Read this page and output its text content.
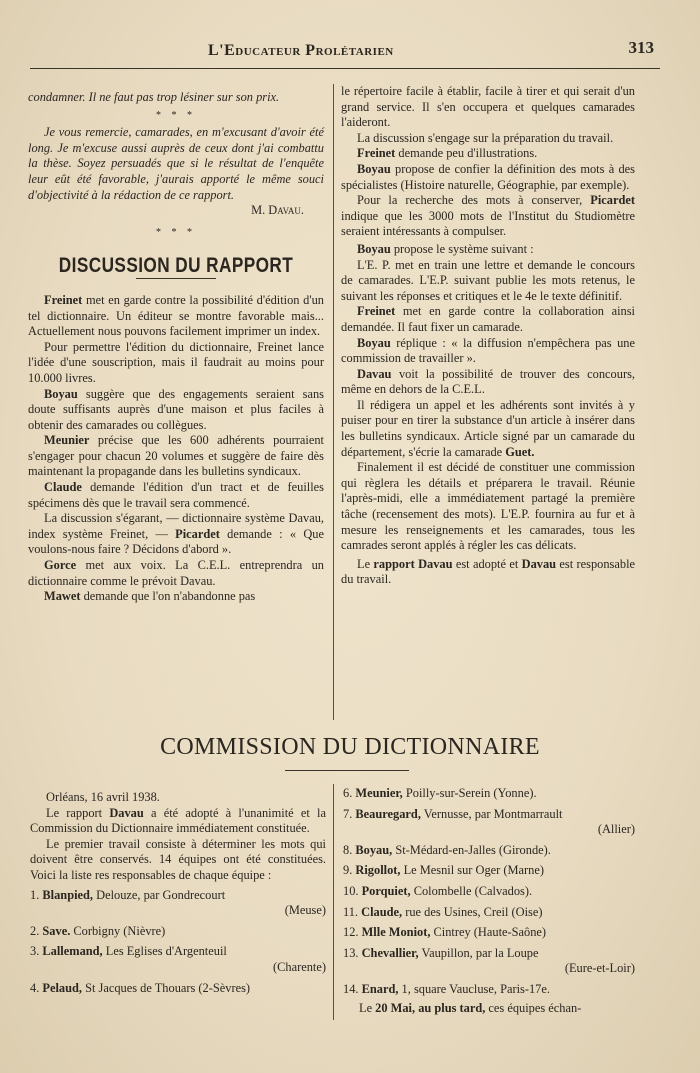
L'Educateur Prolétarien	313

condamner. Il ne faut pas trop lésiner sur son prix.

* * *

Je vous remercie, camarades, en m'excusant d'avoir été long. Je m'excuse aussi auprès de ceux dont j'ai combattu la thèse. Soyez persuadés que si le résultat de l'enquête leur eût été favorable, j'aurais apporté le même souci d'objectivité à la rédaction de ce rapport.

M. Davau.
* * *
DISCUSSION DU RAPPORT

Freinet met en garde contre la possibilité d'édition d'un tel dictionnaire. Un éditeur se montre favorable mais... Actuellement nous pouvons facilement imprimer un index.

Pour permettre l'édition du dictionnaire, Freinet lance l'idée d'une souscription, mais il faudrait au moins pour 10.000 livres.

Boyau suggère que des engagements seraient sans doute suffisants auprès d'une maison et plus faciles à obtenir des camarades ou collègues.

Meunier précise que les 600 adhérents pourraient s'engager pour chacun 20 volumes et suggère de faire dès maintenant la propagande dans les bulletins syndicaux.

Claude demande l'édition d'un tract et de feuilles spécimens dès que le travail sera commencé.

La discussion s'égarant, — dictionnaire système Davau, index système Freinet, — Picardet demande : « Que voulons-nous faire ? Décidons d'abord ».

Gorce met aux voix. La C.E.L. entreprendra un dictionnaire comme le prévoit Davau.

Mawet demande que l'on n'abandonne pas

le répertoire facile à établir, facile à tirer et qui serait d'un grand service. Il s'en occupera et quelques camarades l'aideront.

La discussion s'engage sur la préparation du travail.

Freinet demande peu d'illustrations.

Boyau propose de confier la définition des mots à des spécialistes (Histoire naturelle, Géographie, par exemple).

Pour la recherche des mots à conserver, Picardet indique que les 3000 mots de l'Institut du Studiomètre seraient intéressants à compulser.

Boyau propose le système suivant :

L'E. P. met en train une lettre et demande le concours de camarades. L'E.P. suivant publie les mots retenus, le suivant les réponses et critiques et le 4e le texte définitif.

Freinet met en garde contre la collaboration ainsi demandée. Il faut fixer un camarade.

Boyau réplique : « la diffusion n'empêchera pas une commission de travailler ».

Davau voit la possibilité de trouver des concours, même en dehors de la C.E.L.

Il rédigera un appel et les adhérents sont invités à y puiser pour en tirer la substance d'un article à insérer dans les bulletins syndicaux. Article signé par un camarade du département, s'écrie la camarade Guet.

Finalement il est décidé de constituer une commission qui règlera les détails et préparera le travail. Réunie l'après-midi, elle a immédiatement partagé la première tâche (recensement des mots). L'E.P. fournira au fur et à mesure les renseignements et les camarades, tous les camrades seront applés à régler les cas délicats.

Le rapport Davau est adopté et Davau est responsable du travail.

COMMISSION DU DICTIONNAIRE

Orléans, 16 avril 1938.

Le rapport Davau a été adopté à l'unanimité et la Commission du Dictionnaire immédiatement constituée.

Le premier travail consiste à déterminer les mots qui doivent être conservés. 14 équipes ont été constituées. Voici la liste res responsables de chaque équipe :

1. Blanpied, Delouze, par Gondrecourt
(Meuse)
2. Save. Corbigny (Nièvre)
3. Lallemand, Les Eglises d'Argenteuil
(Charente)
4. Pelaud, St Jacques de Thouars (2-Sèvres)
6. Meunier, Poilly-sur-Serein (Yonne).
7. Beauregard, Vernusse, par Montmarrault
(Allier)
8. Boyau, St-Médard-en-Jalles (Gironde).
9. Rigollot, Le Mesnil sur Oger (Marne)
10. Porquiet, Colombelle (Calvados).
11. Claude, rue des Usines, Creil (Oise)
12. Mlle Moniot, Cintrey (Haute-Saône)
13. Chevallier, Vaupillon, par la Loupe
(Eure-et-Loir)
14. Enard, 1, square Vaucluse, Paris-17e.

Le 20 Mai, au plus tard, ces équipes échan-
